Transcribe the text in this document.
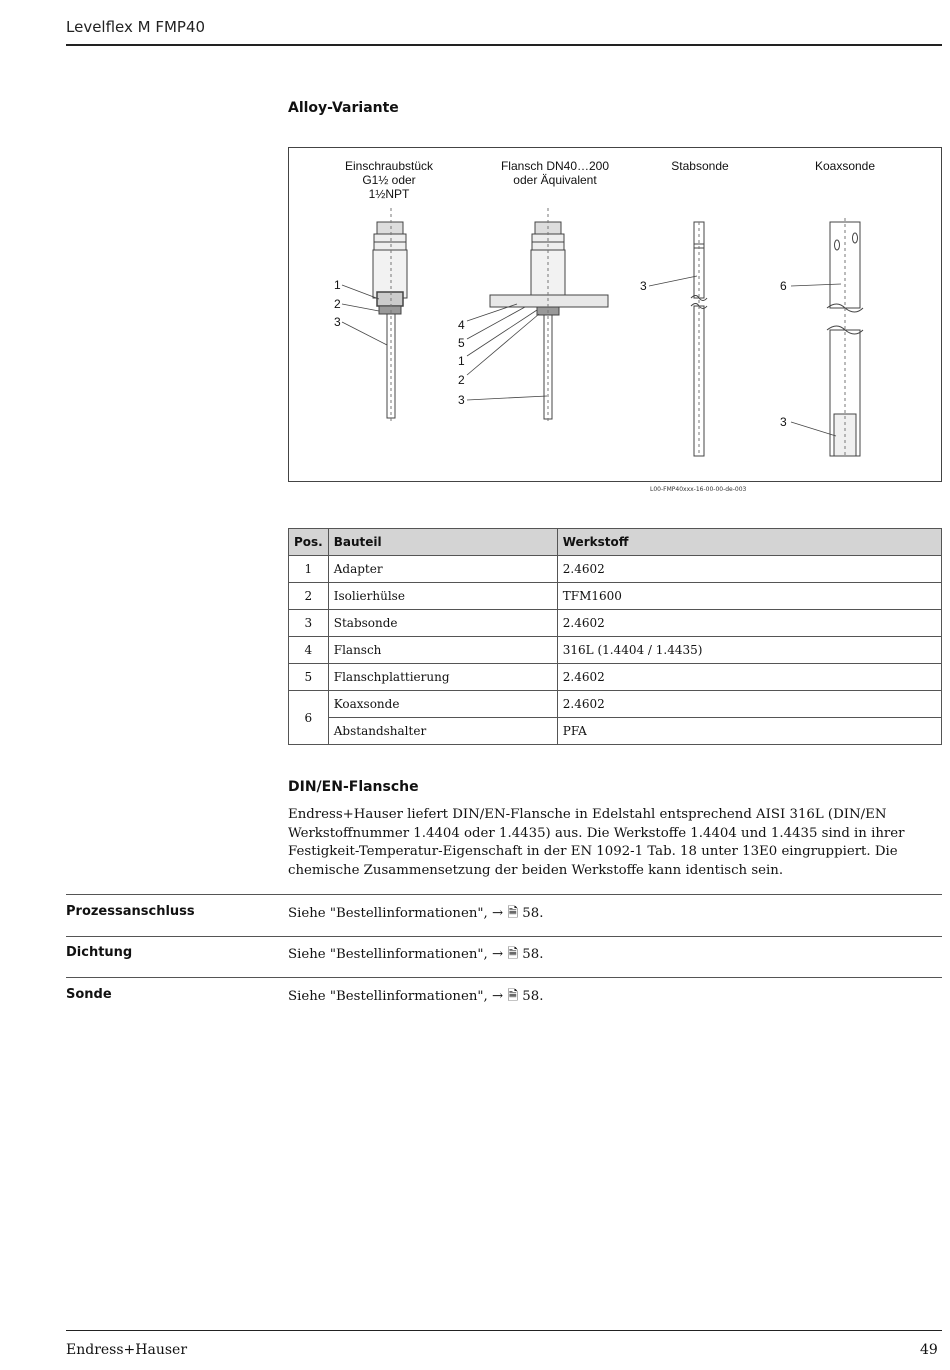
Levelflex M FMP40
Alloy-Variante
Einschraubstück
G1½ oder
1½NPT
Flansch DN40…200
oder Äquivalent
Stabsonde	Koaxsonde
1
2
3	4
5
1
2
3
3	6
3
L00-FMP40xxx-16-00-00-de-003
Pos.	Bauteil	Werkstoff
1	Adapter	2.4602
2	Isolierhülse	TFM1600
3	Stabsonde	2.4602
4	Flansch	316L (1.4404 / 1.4435)
5	Flanschplattierung	2.4602
6	Koaxsonde	2.4602
	Abstandshalter	PFA
DIN/EN-Flansche
Endress+Hauser liefert DIN/EN-Flansche in Edelstahl entsprechend AISI 316L (DIN/EN Werkstoffnummer 1.4404 oder 1.4435) aus. Die Werkstoffe 1.4404 und 1.4435 sind in ihrer Festigkeit-Temperatur-Eigenschaft in der EN 1092-1 Tab. 18 unter 13E0 eingruppiert. Die chemische Zusammensetzung der beiden Werkstoffe kann identisch sein.
Prozessanschluss	Siehe "Bestellinformationen", → 🗎 58.
Dichtung	Siehe "Bestellinformationen", → 🗎 58.
Sonde	Siehe "Bestellinformationen", → 🗎 58.
Endress+Hauser	49
